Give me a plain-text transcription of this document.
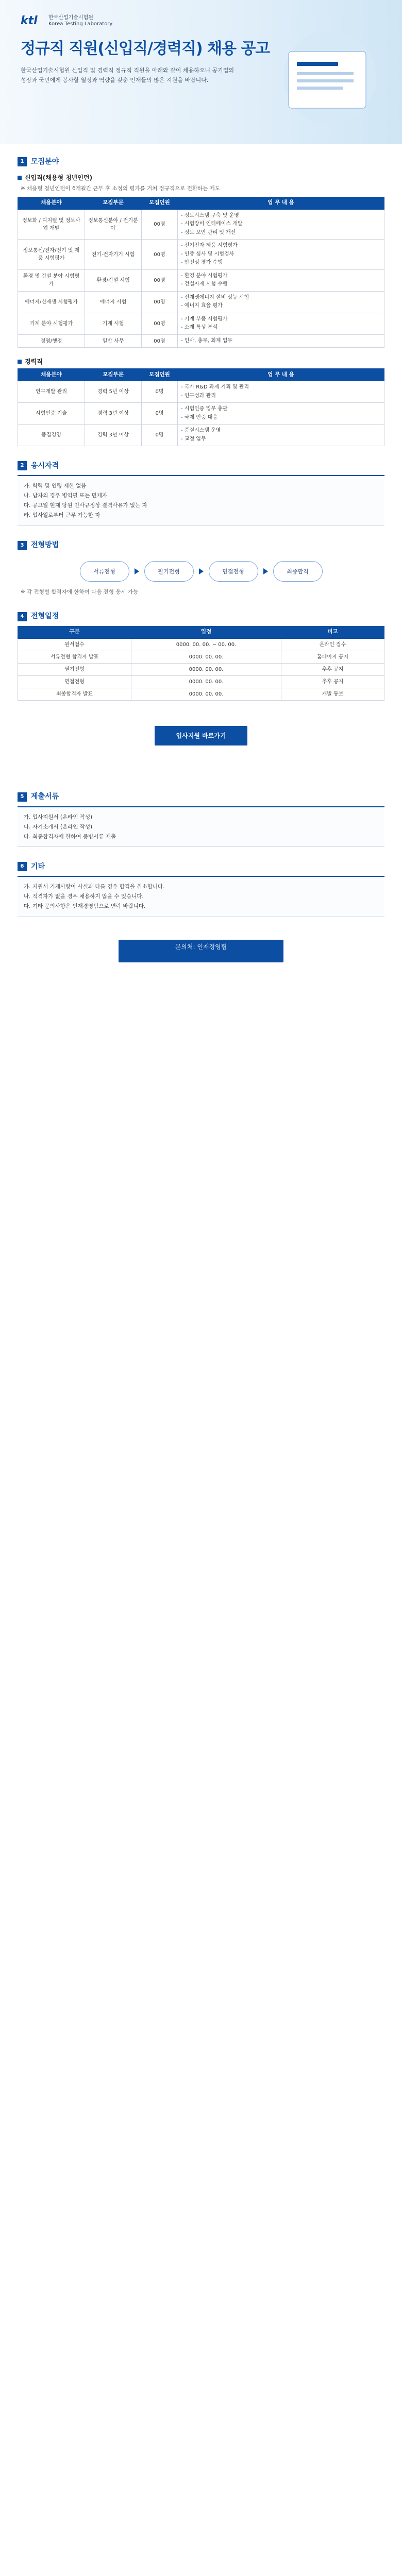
ktl	한국산업기술시험원
Korea Testing Laboratory
정규직 직원(신입직/경력직) 채용 공고
한국산업기술시험원 신입직 및 경력직 정규직 직원을 아래와 같이 채용하오니 공기업의 성장과 국민에게 봉사할 열정과 역량을 갖춘 인재들의 많은 지원을 바랍니다.
1 모집분야
신입직(채용형 청년인턴)
※ 채용형 청년인턴이 6개월간 근무 후 소정의 평가를 거쳐 정규직으로 전환하는 제도
채용분야	모집부문	모집인원	업 무 내 용
정보화 / 디지털 및 정보사업 개발	정보통신분야 / 전기분야	00명	- 정보시스템 구축 및 운영
- 시험장비 인터페이스 개발
- 정보 보안 관리 및 개선

정보통신/전자/전기 및 제품 시험평가	전기·전자기기 시험	00명	- 전기전자 제품 시험평가
- 인증 심사 및 시험검사
- 안전성 평가 수행

환경 및 건설 분야 시험평가	환경/건설 시험	00명	- 환경 분야 시험평가
- 건설자재 시험 수행

에너지/신재생 시험평가	에너지 시험	00명	- 신재생에너지 설비 성능 시험
- 에너지 효율 평가

기계 분야 시험평가	기계 시험	00명	- 기계 부품 시험평가
- 소재 특성 분석

경영/행정	일반 사무	00명	- 인사, 총무, 회계 업무
경력직
채용분야	모집부문	모집인원	업 무 내 용
연구개발 관리	경력 5년 이상	0명	- 국가 R&D 과제 기획 및 관리
- 연구성과 관리

시험인증 기술	경력 3년 이상	0명	- 시험인증 업무 총괄
- 국제 인증 대응

품질경영	경력 3년 이상	0명	- 품질시스템 운영
- 교정 업무
2 응시자격
가. 학력 및 연령 제한 없음
나. 남자의 경우 병역필 또는 면제자
다. 공고일 현재 당원 인사규정상 결격사유가 없는 자
라. 입사일로부터 근무 가능한 자
3 전형방법
서류전형	필기전형	면접전형	최종합격
※ 각 전형별 합격자에 한하여 다음 전형 응시 가능
4 전형일정
구분	일정	비고
원서접수	0000. 00. 00. ~ 00. 00.	온라인 접수
서류전형 합격자 발표	0000. 00. 00.	홈페이지 공지
필기전형	0000. 00. 00.	추후 공지
면접전형	0000. 00. 00.	추후 공지
최종합격자 발표	0000. 00. 00.	개별 통보
입사지원 바로가기
5 제출서류
가. 입사지원서 (온라인 작성)
나. 자기소개서 (온라인 작성)
다. 최종합격자에 한하여 증빙서류 제출
6 기타
가. 지원서 기재사항이 사실과 다를 경우 합격을 취소합니다.
나. 적격자가 없을 경우 채용하지 않을 수 있습니다.
다. 기타 문의사항은 인재경영팀으로 연락 바랍니다.
문의처: 인재경영팀
